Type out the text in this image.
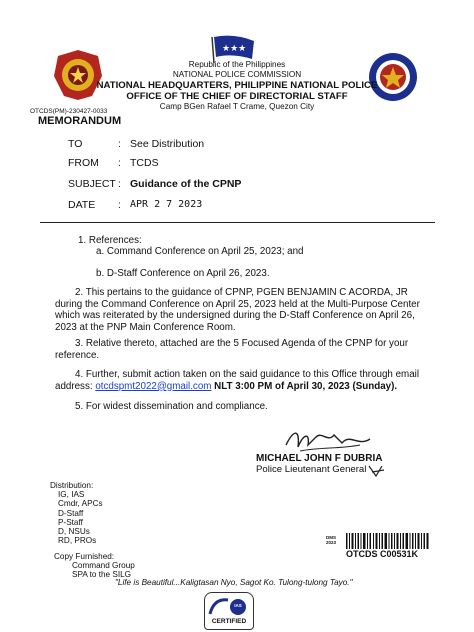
★★★
Republic of the Philippines
NATIONAL POLICE COMMISSION
NATIONAL HEADQUARTERS, PHILIPPINE NATIONAL POLICE
OFFICE OF THE CHIEF OF DIRECTORIAL STAFF
Camp BGen Rafael T Crame, Quezon City
OTCDS(PM)-230427-0033
MEMORANDUM
TO	: See Distribution
FROM	: TCDS
SUBJECT : Guidance of the CPNP
DATE	: APR 2 7 2023
1. References:
a. Command Conference on April 25, 2023; and
b. D-Staff Conference on April 26, 2023.
2. This pertains to the guidance of CPNP, PGEN BENJAMIN C ACORDA, JR during the Command Conference on April 25, 2023 held at the Multi-Purpose Center which was reiterated by the undersigned during the D-Staff Conference on April 26, 2023 at the PNP Main Conference Room.
3. Relative thereto, attached are the 5 Focused Agenda of the CPNP for your reference.
4. Further, submit action taken on the said guidance to this Office through email address: otcdspmt2022@gmail.com NLT 3:00 PM of April 30, 2023 (Sunday).
5. For widest dissemination and compliance.
MICHAEL JOHN F DUBRIA
Police Lieutenant General
Distribution:
IG, IAS
Cmdr, APCs
D-Staff
P-Staff
D, NSUs
RD, PROs
Copy Furnished:
Command Group
SPA to the SILG
DMS 2023
OTCDS C00531K
"Life is Beautiful...Kaligtasan Nyo, Sagot Ko. Tulong-tulong Tayo."
IAS
CERTIFIED
